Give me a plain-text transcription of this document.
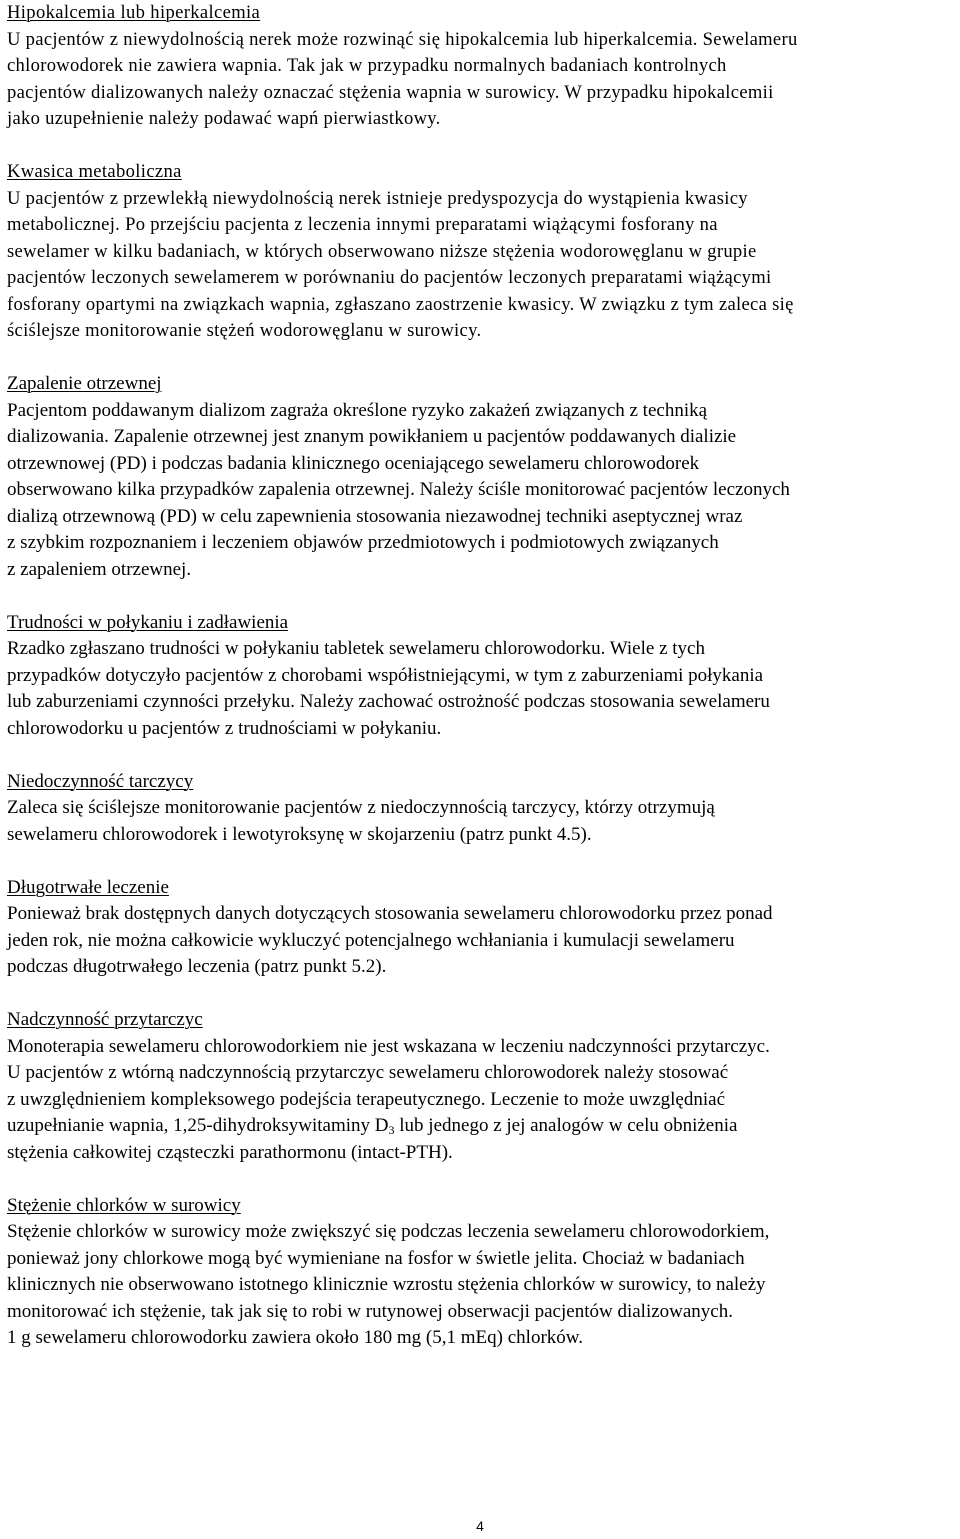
Hipokalcemia lub hiperkalcemia

U pacjentów z niewydolnością nerek może rozwinąć się hipokalcemia lub hiperkalcemia. Sewelameru
chlorowodorek nie zawiera wapnia. Tak jak w przypadku normalnych badaniach kontrolnych
pacjentów dializowanych należy oznaczać stężenia wapnia w surowicy. W przypadku hipokalcemii
jako uzupełnienie należy podawać wapń pierwiastkowy.

Kwasica metaboliczna

U pacjentów z przewlekłą niewydolnością nerek istnieje predyspozycja do wystąpienia kwasicy
metabolicznej. Po przejściu pacjenta z leczenia innymi preparatami wiążącymi fosforany na
sewelamer w kilku badaniach, w których obserwowano niższe stężenia wodorowęglanu w grupie
pacjentów leczonych sewelamerem w porównaniu do pacjentów leczonych preparatami wiążącymi
fosforany opartymi na związkach wapnia, zgłaszano zaostrzenie kwasicy. W związku z tym zaleca się
ściślejsze monitorowanie stężeń wodorowęglanu w surowicy.

Zapalenie otrzewnej

Pacjentom poddawanym dializom zagraża określone ryzyko zakażeń związanych z techniką
dializowania. Zapalenie otrzewnej jest znanym powikłaniem u pacjentów poddawanych dializie
otrzewnowej (PD) i podczas badania klinicznego oceniającego sewelameru chlorowodorek
obserwowano kilka przypadków zapalenia otrzewnej. Należy ściśle monitorować pacjentów leczonych
dializą otrzewnową (PD) w celu zapewnienia stosowania niezawodnej techniki aseptycznej wraz
z szybkim rozpoznaniem i leczeniem objawów przedmiotowych i podmiotowych związanych
z zapaleniem otrzewnej.

Trudności w połykaniu i zadławienia

Rzadko zgłaszano trudności w połykaniu tabletek sewelameru chlorowodorku. Wiele z tych
przypadków dotyczyło pacjentów z chorobami współistniejącymi, w tym z zaburzeniami połykania
lub zaburzeniami czynności przełyku. Należy zachować ostrożność podczas stosowania sewelameru
chlorowodorku u pacjentów z trudnościami w połykaniu.

Niedoczynność tarczycy

Zaleca się ściślejsze monitorowanie pacjentów z niedoczynnością tarczycy, którzy otrzymują
sewelameru chlorowodorek i lewotyroksynę w skojarzeniu (patrz punkt 4.5).

Długotrwałe leczenie

Ponieważ brak dostępnych danych dotyczących stosowania sewelameru chlorowodorku przez ponad
jeden rok, nie można całkowicie wykluczyć potencjalnego wchłaniania i kumulacji sewelameru
podczas długotrwałego leczenia (patrz punkt 5.2).

Nadczynność przytarczyc

Monoterapia sewelameru chlorowodorkiem nie jest wskazana w leczeniu nadczynności przytarczyc.
U pacjentów z wtórną nadczynnością przytarczyc sewelameru chlorowodorek należy stosować
z uwzględnieniem kompleksowego podejścia terapeutycznego. Leczenie to może uwzględniać
uzupełnianie wapnia, 1,25-dihydroksywitaminy $D_3$ lub jednego z jej analogów w celu obniżenia
stężenia całkowitej cząsteczki parathormonu (intact-PTH).

Stężenie chlorków w surowicy

Stężenie chlorków w surowicy może zwiększyć się podczas leczenia sewelameru chlorowodorkiem,
ponieważ jony chlorkowe mogą być wymieniane na fosfor w świetle jelita. Chociaż w badaniach
klinicznych nie obserwowano istotnego klinicznie wzrostu stężenia chlorków w surowicy, to należy
monitorować ich stężenie, tak jak się to robi w rutynowej obserwacji pacjentów dializowanych.
1 g sewelameru chlorowodorku zawiera około 180 mg (5,1 mEq) chlorków.

4
